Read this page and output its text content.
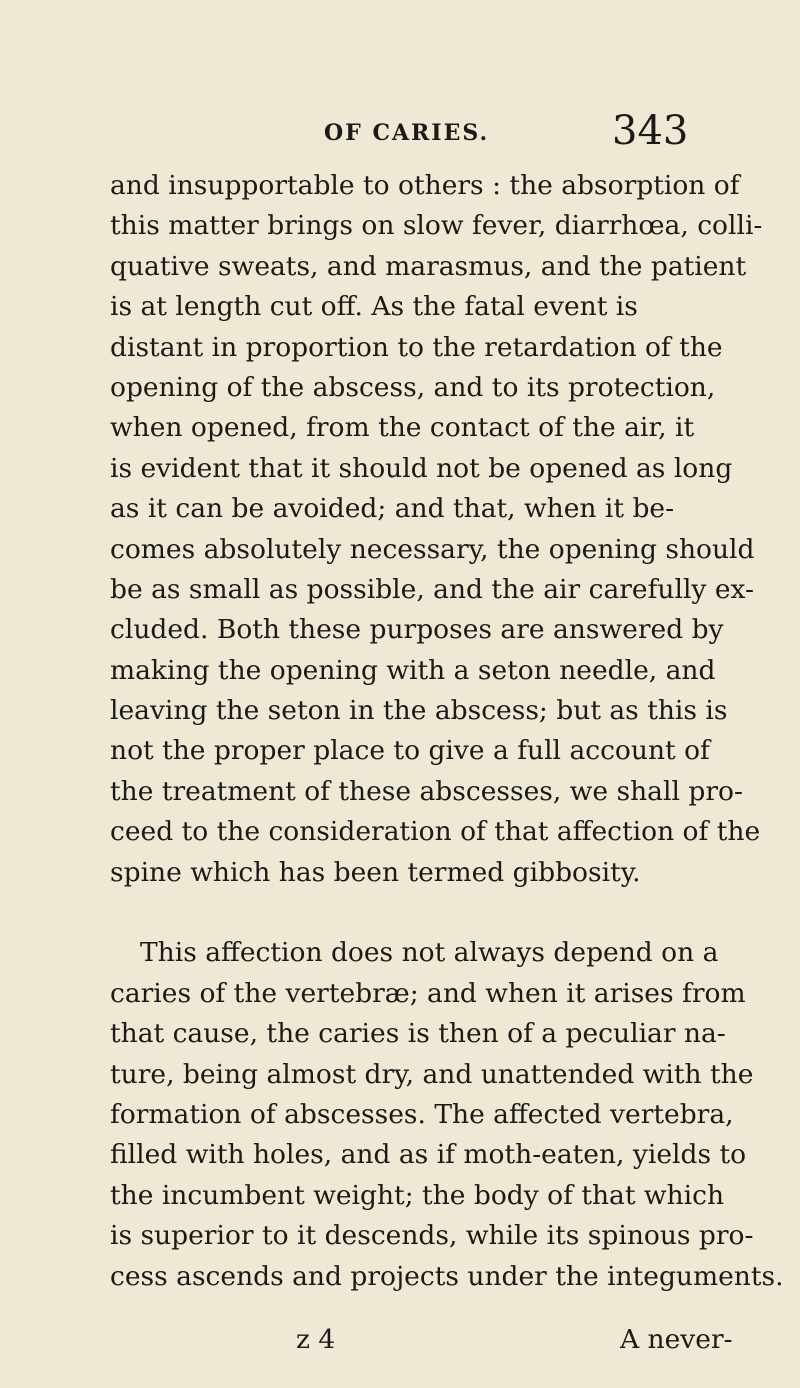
OF CARIES.	343
and insupportable to others : the absorption of
this matter brings on slow fever, diarrhœa, colli-
quative sweats, and marasmus, and the patient
is at length cut off. As the fatal event is
distant in proportion to the retardation of the
opening of the abscess, and to its protection,
when opened, from the contact of the air, it
is evident that it should not be opened as long
as it can be avoided; and that, when it be-
comes absolutely necessary, the opening should
be as small as possible, and the air carefully ex-
cluded. Both these purposes are answered by
making the opening with a seton needle, and
leaving the seton in the abscess; but as this is
not the proper place to give a full account of
the treatment of these abscesses, we shall pro-
ceed to the consideration of that affection of the
spine which has been termed gibbosity.
This affection does not always depend on a
caries of the vertebræ; and when it arises from
that cause, the caries is then of a peculiar na-
ture, being almost dry, and unattended with the
formation of abscesses. The affected vertebra,
filled with holes, and as if moth-eaten, yields to
the incumbent weight; the body of that which
is superior to it descends, while its spinous pro-
cess ascends and projects under the integuments.
z 4	A never-
